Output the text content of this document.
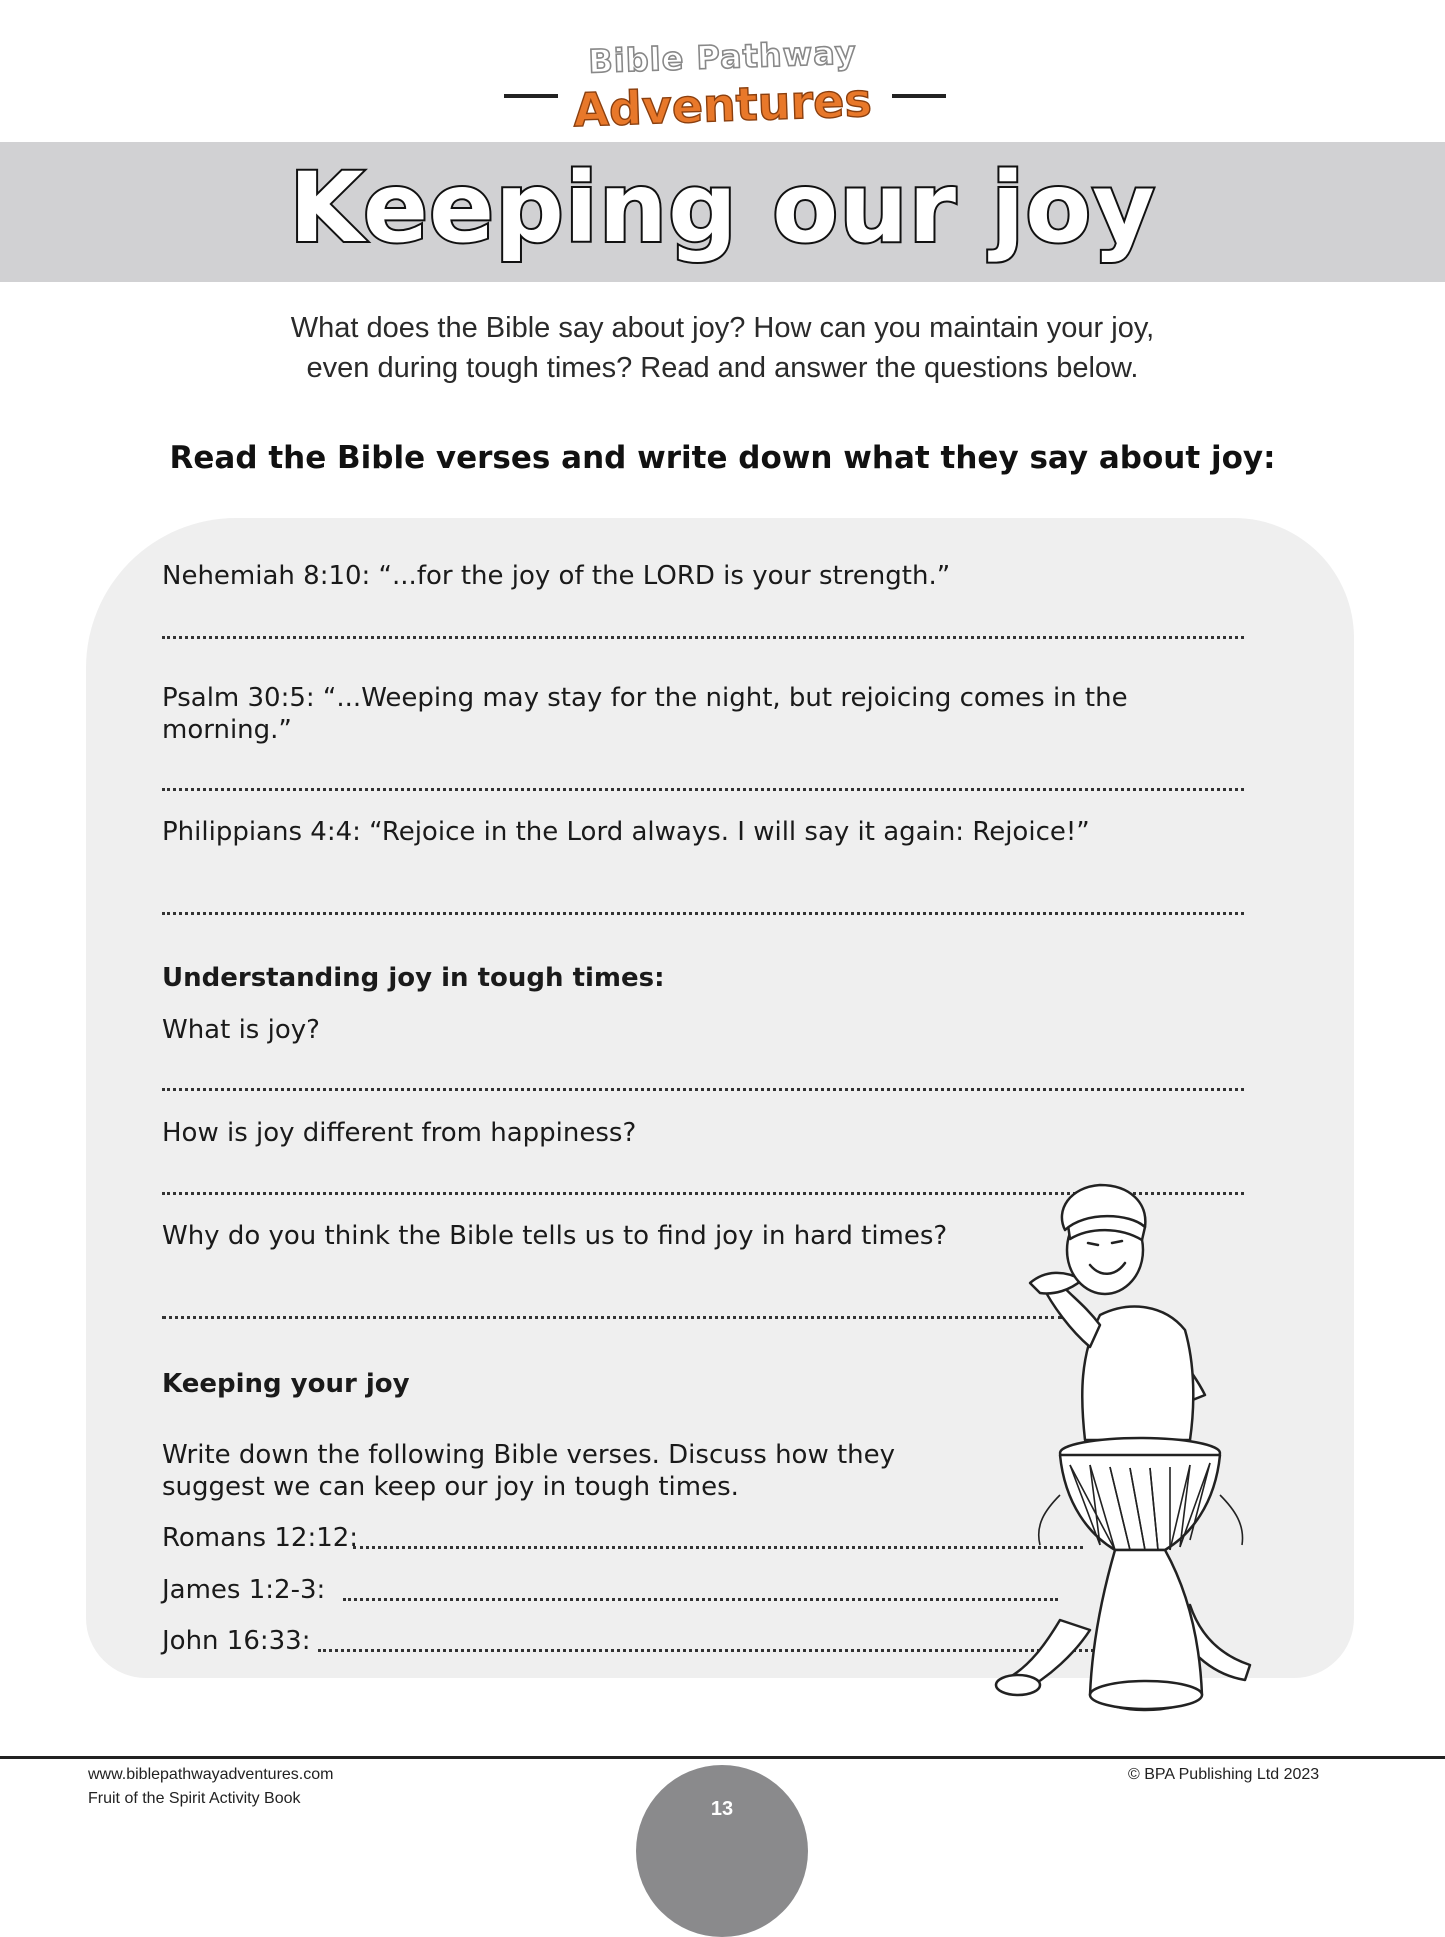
Bible Pathway
Adventures
Keeping our joy
What does the Bible say about joy? How can you maintain your joy,
even during tough times? Read and answer the questions below.
Read the Bible verses and write down what they say about joy:
Nehemiah 8:10: “...for the joy of the LORD is your strength.”
Psalm 30:5: “...Weeping may stay for the night, but rejoicing comes in the
morning.”
Philippians 4:4: “Rejoice in the Lord always. I will say it again: Rejoice!”
Understanding joy in tough times:
What is joy?
How is joy different from happiness?
Why do you think the Bible tells us to find joy in hard times?
Keeping your joy
Write down the following Bible verses. Discuss how they
suggest we can keep our joy in tough times.
Romans 12:12:
James 1:2-3:
John 16:33:
www.biblepathwayadventures.com
Fruit of the Spirit Activity Book
© BPA Publishing Ltd 2023
13
